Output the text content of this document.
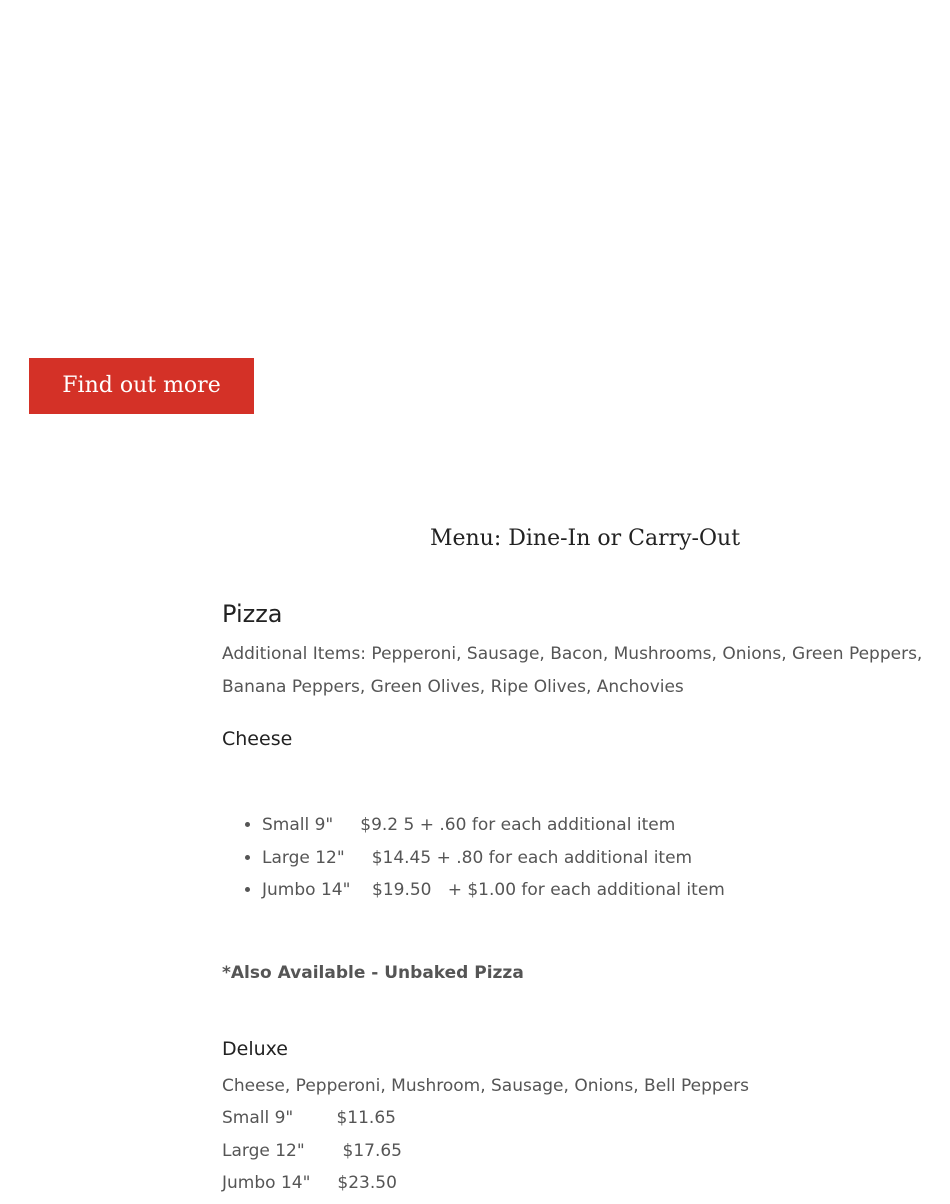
Find out more
Menu: Dine-In or Carry-Out
Pizza

Additional Items: Pepperoni, Sausage, Bacon, Mushrooms, Onions, Green Peppers, Banana Peppers, Green Olives, Ripe Olives, Anchovies

Cheese
• Small 9"     $9.2 5 + .60 for each additional item
• Large 12"     $14.45 + .80 for each additional item
• Jumbo 14"    $19.50   + $1.00 for each additional item

*Also Available - Unbaked Pizza

Deluxe

Cheese, Pepperoni, Mushroom, Sausage, Onions, Bell Peppers

Small 9"        $11.65

Large 12"       $17.65

Jumbo 14"     $23.50
